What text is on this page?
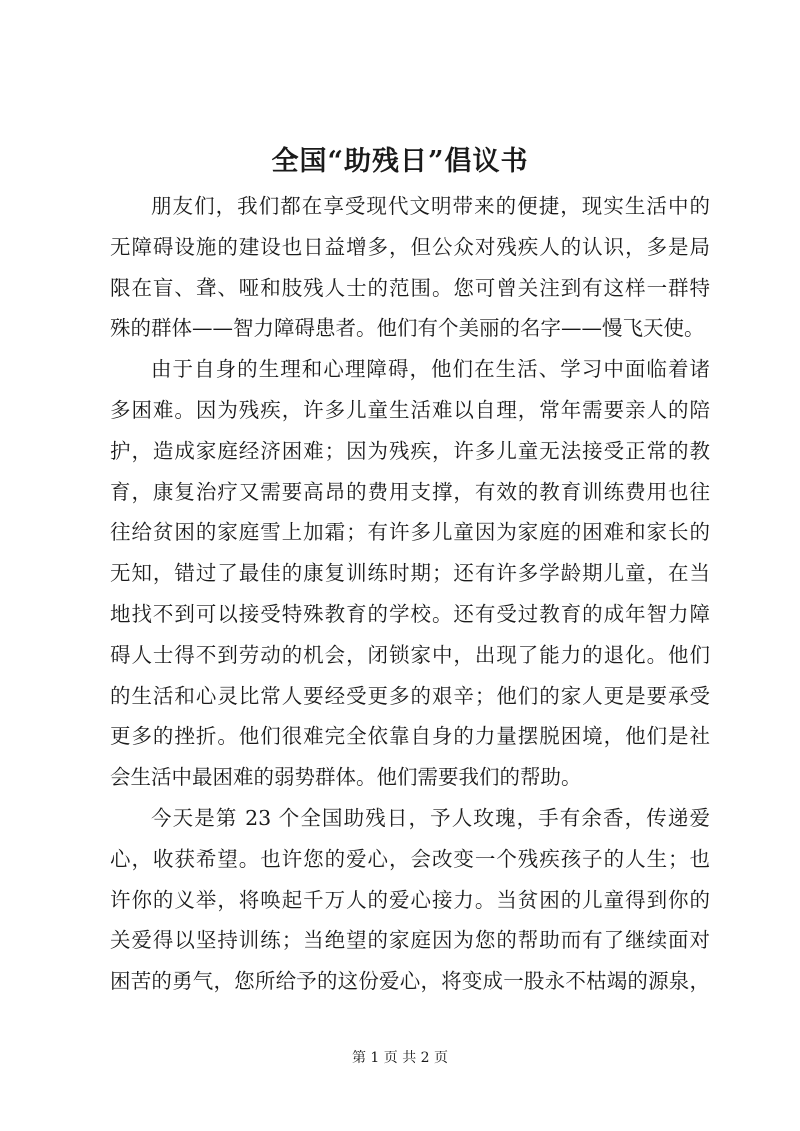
全国“助残日”倡议书
朋友们，我们都在享受现代文明带来的便捷，现实生活中的
无障碍设施的建设也日益增多，但公众对残疾人的认识，多是局
限在盲、聋、哑和肢残人士的范围。您可曾关注到有这样一群特
殊的群体——智力障碍患者。他们有个美丽的名字——慢飞天使。
由于自身的生理和心理障碍，他们在生活、学习中面临着诸
多困难。因为残疾，许多儿童生活难以自理，常年需要亲人的陪
护，造成家庭经济困难；因为残疾，许多儿童无法接受正常的教
育，康复治疗又需要高昂的费用支撑，有效的教育训练费用也往
往给贫困的家庭雪上加霜；有许多儿童因为家庭的困难和家长的
无知，错过了最佳的康复训练时期；还有许多学龄期儿童，在当
地找不到可以接受特殊教育的学校。还有受过教育的成年智力障
碍人士得不到劳动的机会，闭锁家中，出现了能力的退化。他们
的生活和心灵比常人要经受更多的艰辛；他们的家人更是要承受
更多的挫折。他们很难完全依靠自身的力量摆脱困境，他们是社
会生活中最困难的弱势群体。他们需要我们的帮助。
今天是第 23 个全国助残日，予人玫瑰，手有余香，传递爱
心，收获希望。也许您的爱心，会改变一个残疾孩子的人生；也
许你的义举，将唤起千万人的爱心接力。当贫困的儿童得到你的
关爱得以坚持训练；当绝望的家庭因为您的帮助而有了继续面对
困苦的勇气，您所给予的这份爱心，将变成一股永不枯竭的源泉，
第 1 页 共 2 页
